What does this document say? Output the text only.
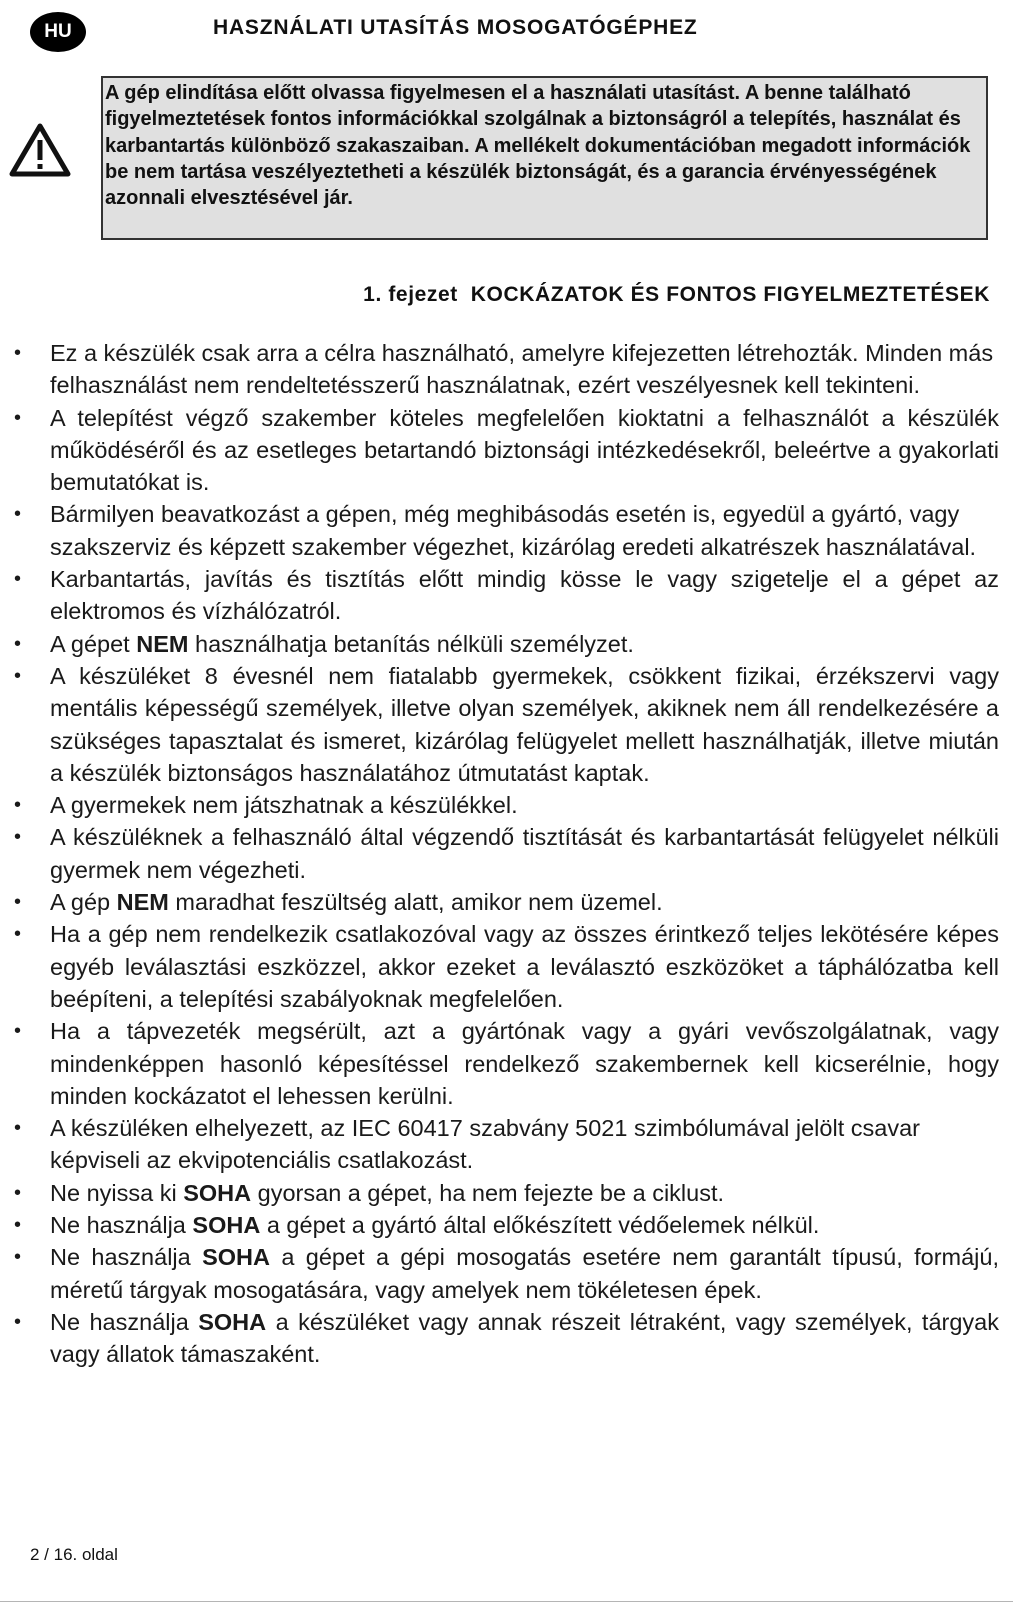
HU	HASZNÁLATI UTASÍTÁS MOSOGATÓGÉPHEZ
A gép elindítása előtt olvassa figyelmesen el a használati utasítást. A benne található figyelmeztetések fontos információkkal szolgálnak a biztonságról a telepítés, használat és karbantartás különböző szakaszaiban. A mellékelt dokumentációban megadott információk be nem tartása veszélyeztetheti a készülék biztonságát, és a garancia érvényességének azonnali elvesztésével jár.
1. fejezet KOCKÁZATOK ÉS FONTOS FIGYELMEZTETÉSEK
• Ez a készülék csak arra a célra használható, amelyre kifejezetten létrehozták. Minden más felhasználást nem rendeltetésszerű használatnak, ezért veszélyesnek kell tekinteni.
• A telepítést végző szakember köteles megfelelően kioktatni a felhasználót a készülék működéséről és az esetleges betartandó biztonsági intézkedésekről, beleértve a gyakorlati bemutatókat is.
• Bármilyen beavatkozást a gépen, még meghibásodás esetén is, egyedül a gyártó, vagy szakszerviz és képzett szakember végezhet, kizárólag eredeti alkatrészek használatával.
• Karbantartás, javítás és tisztítás előtt mindig kösse le vagy szigetelje el a gépet az elektromos és vízhálózatról.
• A gépet NEM használhatja betanítás nélküli személyzet.
• A készüléket 8 évesnél nem fiatalabb gyermekek, csökkent fizikai, érzékszervi vagy mentális képességű személyek, illetve olyan személyek, akiknek nem áll rendelkezésére a szükséges tapasztalat és ismeret, kizárólag felügyelet mellett használhatják, illetve miután a készülék biztonságos használatához útmutatást kaptak.
• A gyermekek nem játszhatnak a készülékkel.
• A készüléknek a felhasználó által végzendő tisztítását és karbantartását felügyelet nélküli gyermek nem végezheti.
• A gép NEM maradhat feszültség alatt, amikor nem üzemel.
• Ha a gép nem rendelkezik csatlakozóval vagy az összes érintkező teljes lekötésére képes egyéb leválasztási eszközzel, akkor ezeket a leválasztó eszközöket a táphálózatba kell beépíteni, a telepítési szabályoknak megfelelően.
• Ha a tápvezeték megsérült, azt a gyártónak vagy a gyári vevőszolgálatnak, vagy mindenképpen hasonló képesítéssel rendelkező szakembernek kell kicserélnie, hogy minden kockázatot el lehessen kerülni.
• A készüléken elhelyezett, az IEC 60417 szabvány 5021 szimbólumával jelölt csavar képviseli az ekvipotenciális csatlakozást.
• Ne nyissa ki SOHA gyorsan a gépet, ha nem fejezte be a ciklust.
• Ne használja SOHA a gépet a gyártó által előkészített védőelemek nélkül.
• Ne használja SOHA a gépet a gépi mosogatás esetére nem garantált típusú, formájú, méretű tárgyak mosogatására, vagy amelyek nem tökéletesen épek.
• Ne használja SOHA a készüléket vagy annak részeit létraként, vagy személyek, tárgyak vagy állatok támaszaként.
2 / 16. oldal
